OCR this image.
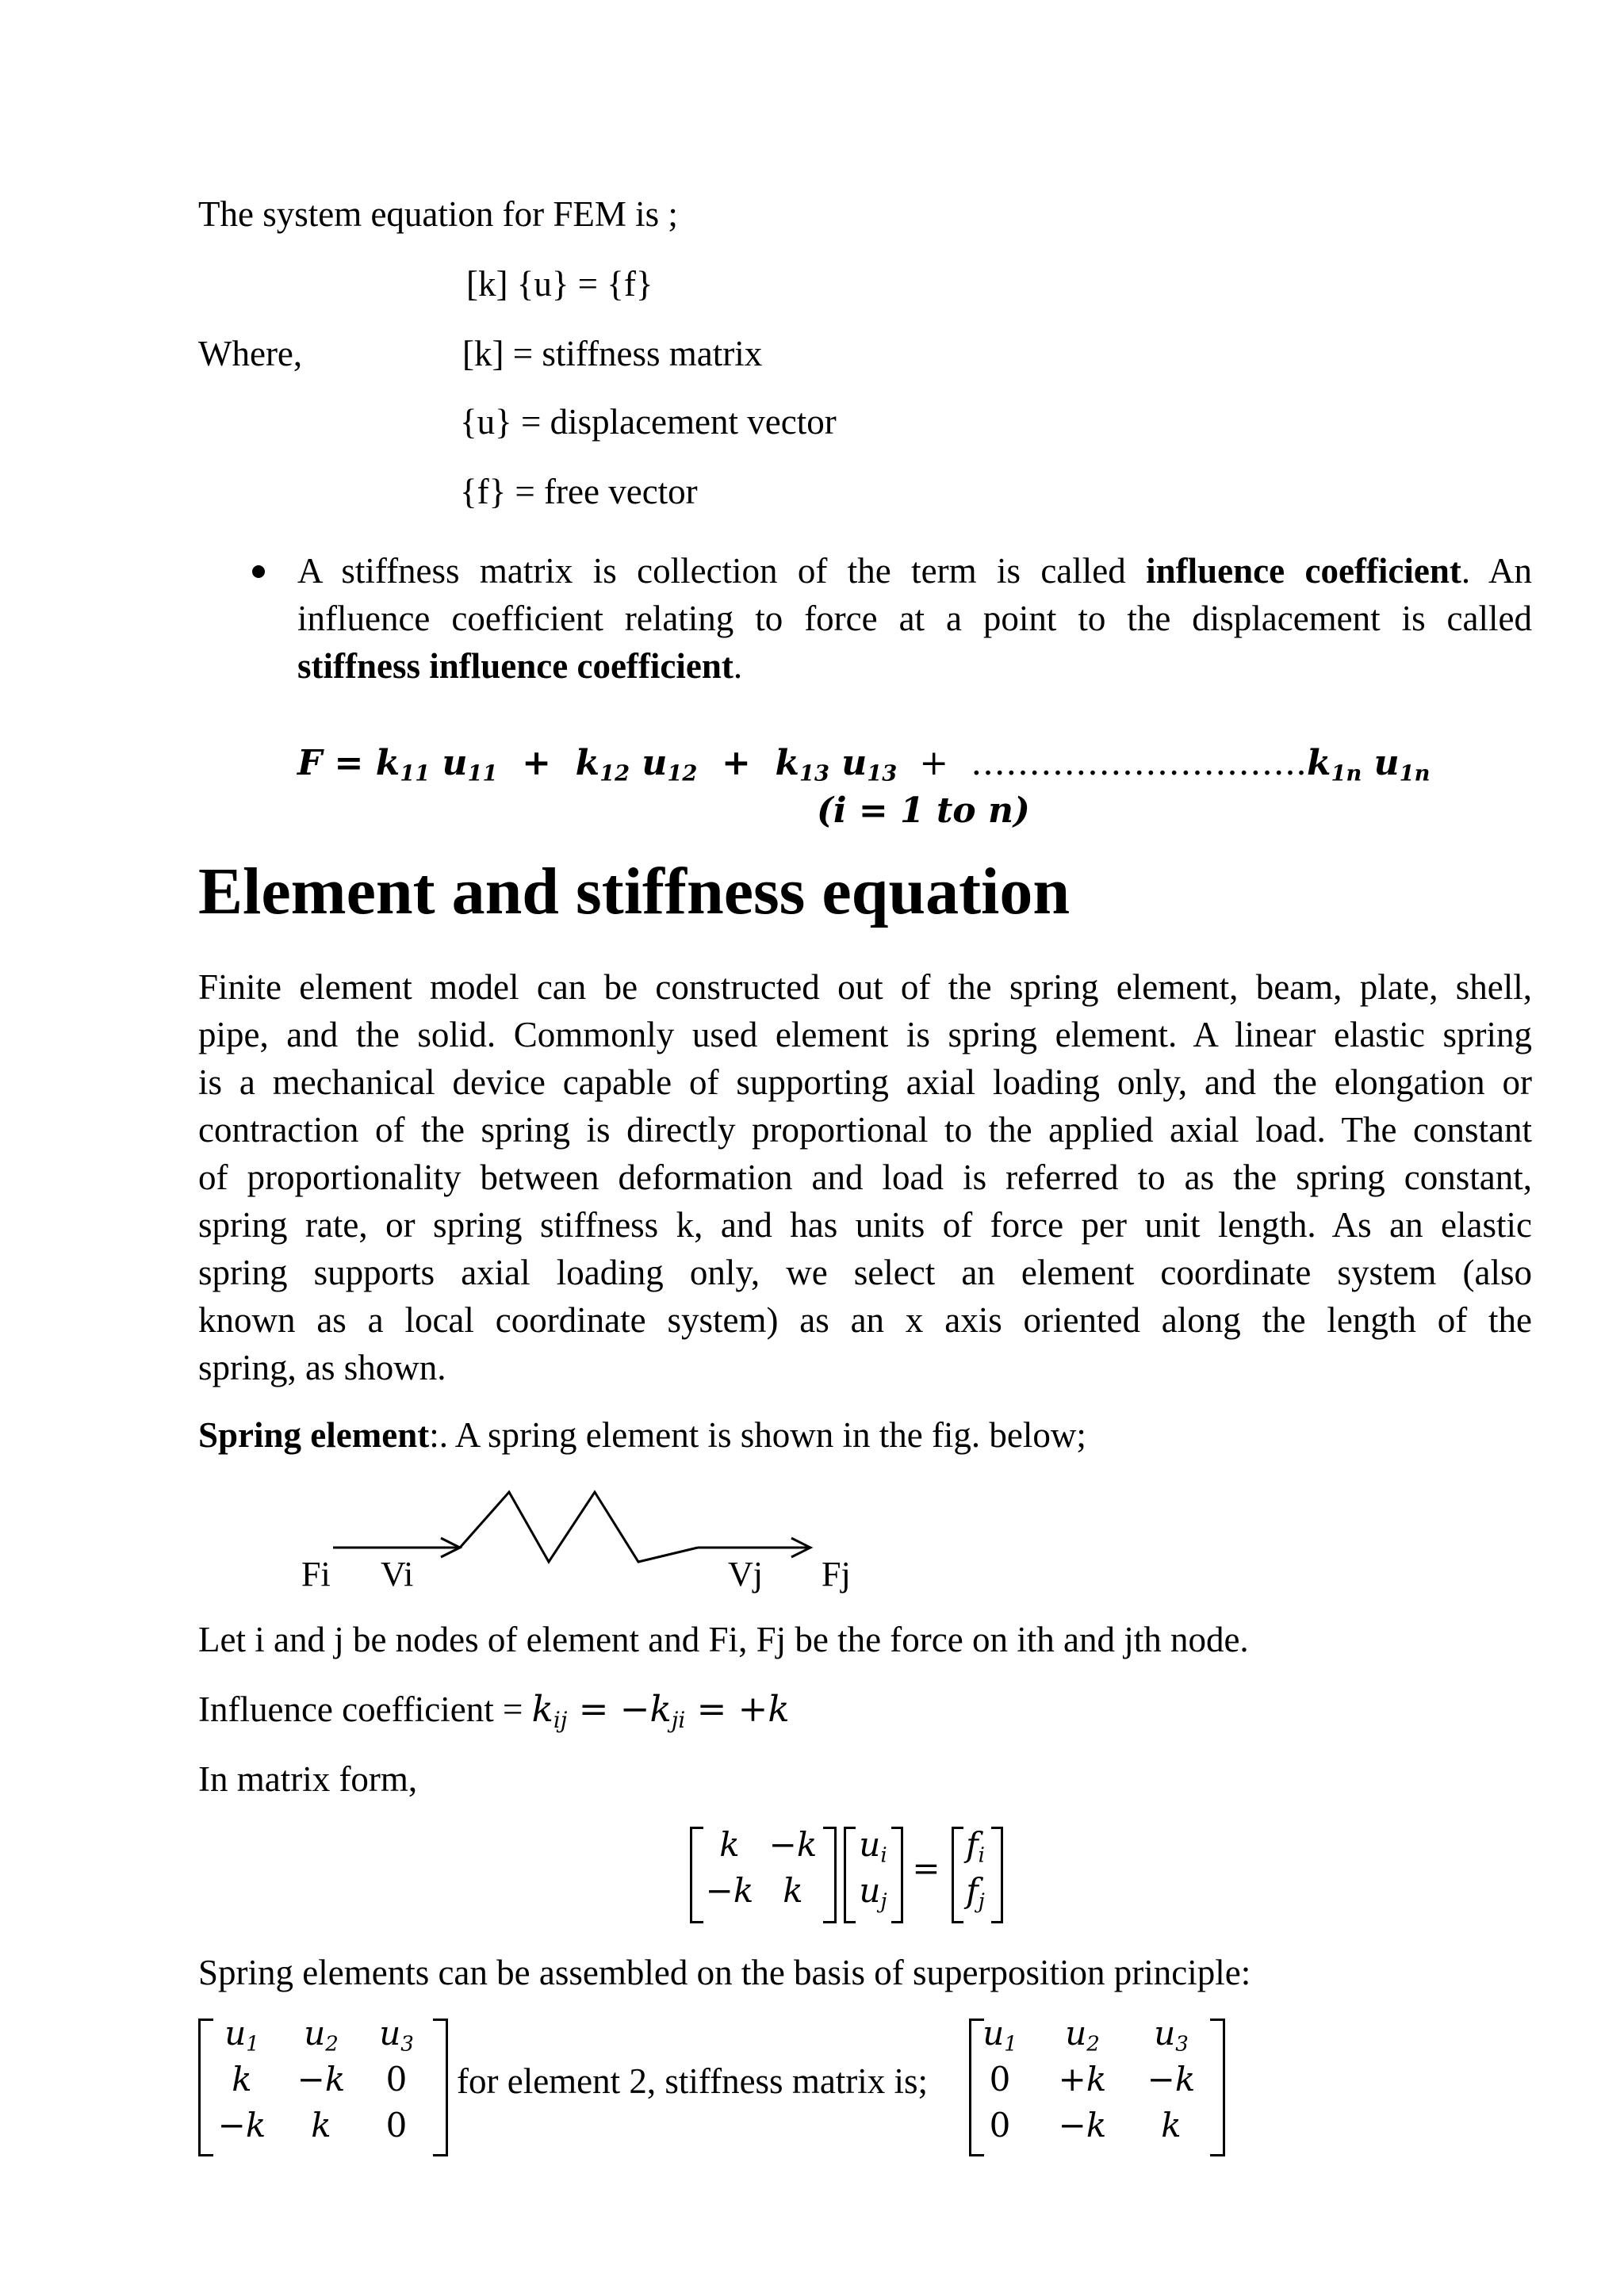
The system equation for FEM is ;
[k] {u} = {f}
Where,	[k] = stiffness matrix
{u} = displacement vector
{f} = free vector
A stiffness matrix is collection of the term is called influence coefficient. An
influence coefficient relating to force at a point to the displacement is called
stiffness influence coefficient.
$F = k_{11}$ $u_{11} + k_{12}$ $u_{12} + k_{13}$ $u_{13}$  +  $\dots\dots\dots\dots\dots\dots\dots\dots\dots..k_{1n}$ $u_{1n}$
(i = 1 to n)
Element and stiffness equation
Finite element model can be constructed out of the spring element, beam, plate, shell,
pipe, and the solid. Commonly used element is spring element. A linear elastic spring
is a mechanical device capable of supporting axial loading only, and the elongation or
contraction of the spring is directly proportional to the applied axial load. The constant
of proportionality between deformation and load is referred to as the spring constant,
spring rate, or spring stiffness k, and has units of force per unit length. As an elastic
spring supports axial loading only, we select an element coordinate system (also
known as a local coordinate system) as an x axis oriented along the length of the
spring, as shown.
Spring element:. A spring element is shown in the fig. below;
Fi Vi	Vj Fj
Let i and j be nodes of element and Fi, Fj be the force on ith and jth node.
Influence coefficient = $k_{ij} = -k_{ji} = +k$
In matrix form,
k −k
−k k
$u_i$
$u_j$
=
$f_i$
$f_j$
Spring elements can be assembled on the basis of superposition principle:
$u_1$	$u_2$	$u_3$
k	−k	0
−k	k	0
for element 2, stiffness matrix is;
$u_1$	$u_2$	$u_3$
0	+k	−k
0	−k	k
